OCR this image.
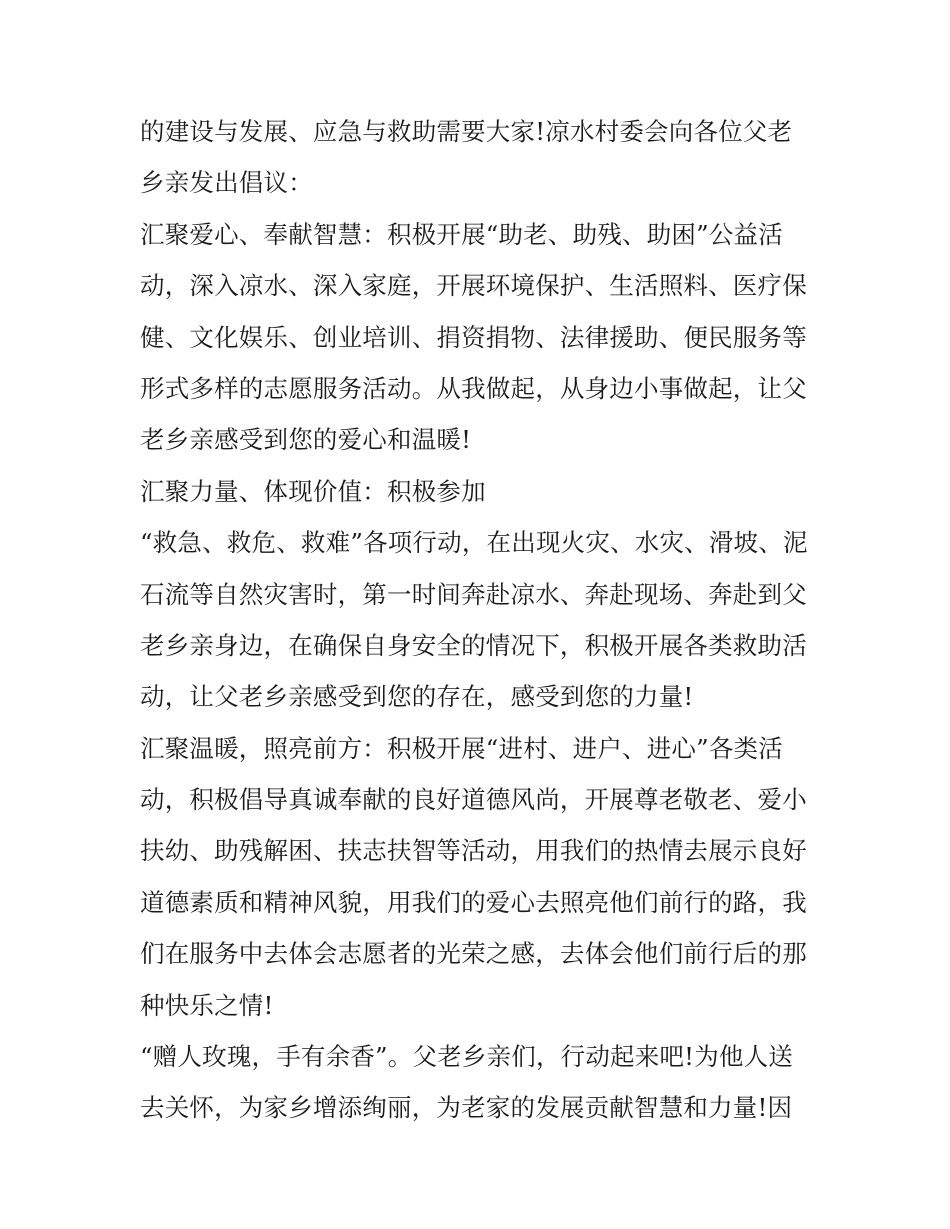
的建设与发展、应急与救助需要大家!凉水村委会向各位父老
乡亲发出倡议：
汇聚爱心、奉献智慧：积极开展“助老、助残、助困”公益活
动，深入凉水、深入家庭，开展环境保护、生活照料、医疗保
健、文化娱乐、创业培训、捐资捐物、法律援助、便民服务等
形式多样的志愿服务活动。从我做起，从身边小事做起，让父
老乡亲感受到您的爱心和温暖!
汇聚力量、体现价值：积极参加
“救急、救危、救难”各项行动，在出现火灾、水灾、滑坡、泥
石流等自然灾害时，第一时间奔赴凉水、奔赴现场、奔赴到父
老乡亲身边，在确保自身安全的情况下，积极开展各类救助活
动，让父老乡亲感受到您的存在，感受到您的力量!
汇聚温暖，照亮前方：积极开展“进村、进户、进心”各类活
动，积极倡导真诚奉献的良好道德风尚，开展尊老敬老、爱小
扶幼、助残解困、扶志扶智等活动，用我们的热情去展示良好
道德素质和精神风貌，用我们的爱心去照亮他们前行的路，我
们在服务中去体会志愿者的光荣之感，去体会他们前行后的那
种快乐之情!
“赠人玫瑰，手有余香”。父老乡亲们，行动起来吧!为他人送
去关怀，为家乡增添绚丽，为老家的发展贡献智慧和力量!因
